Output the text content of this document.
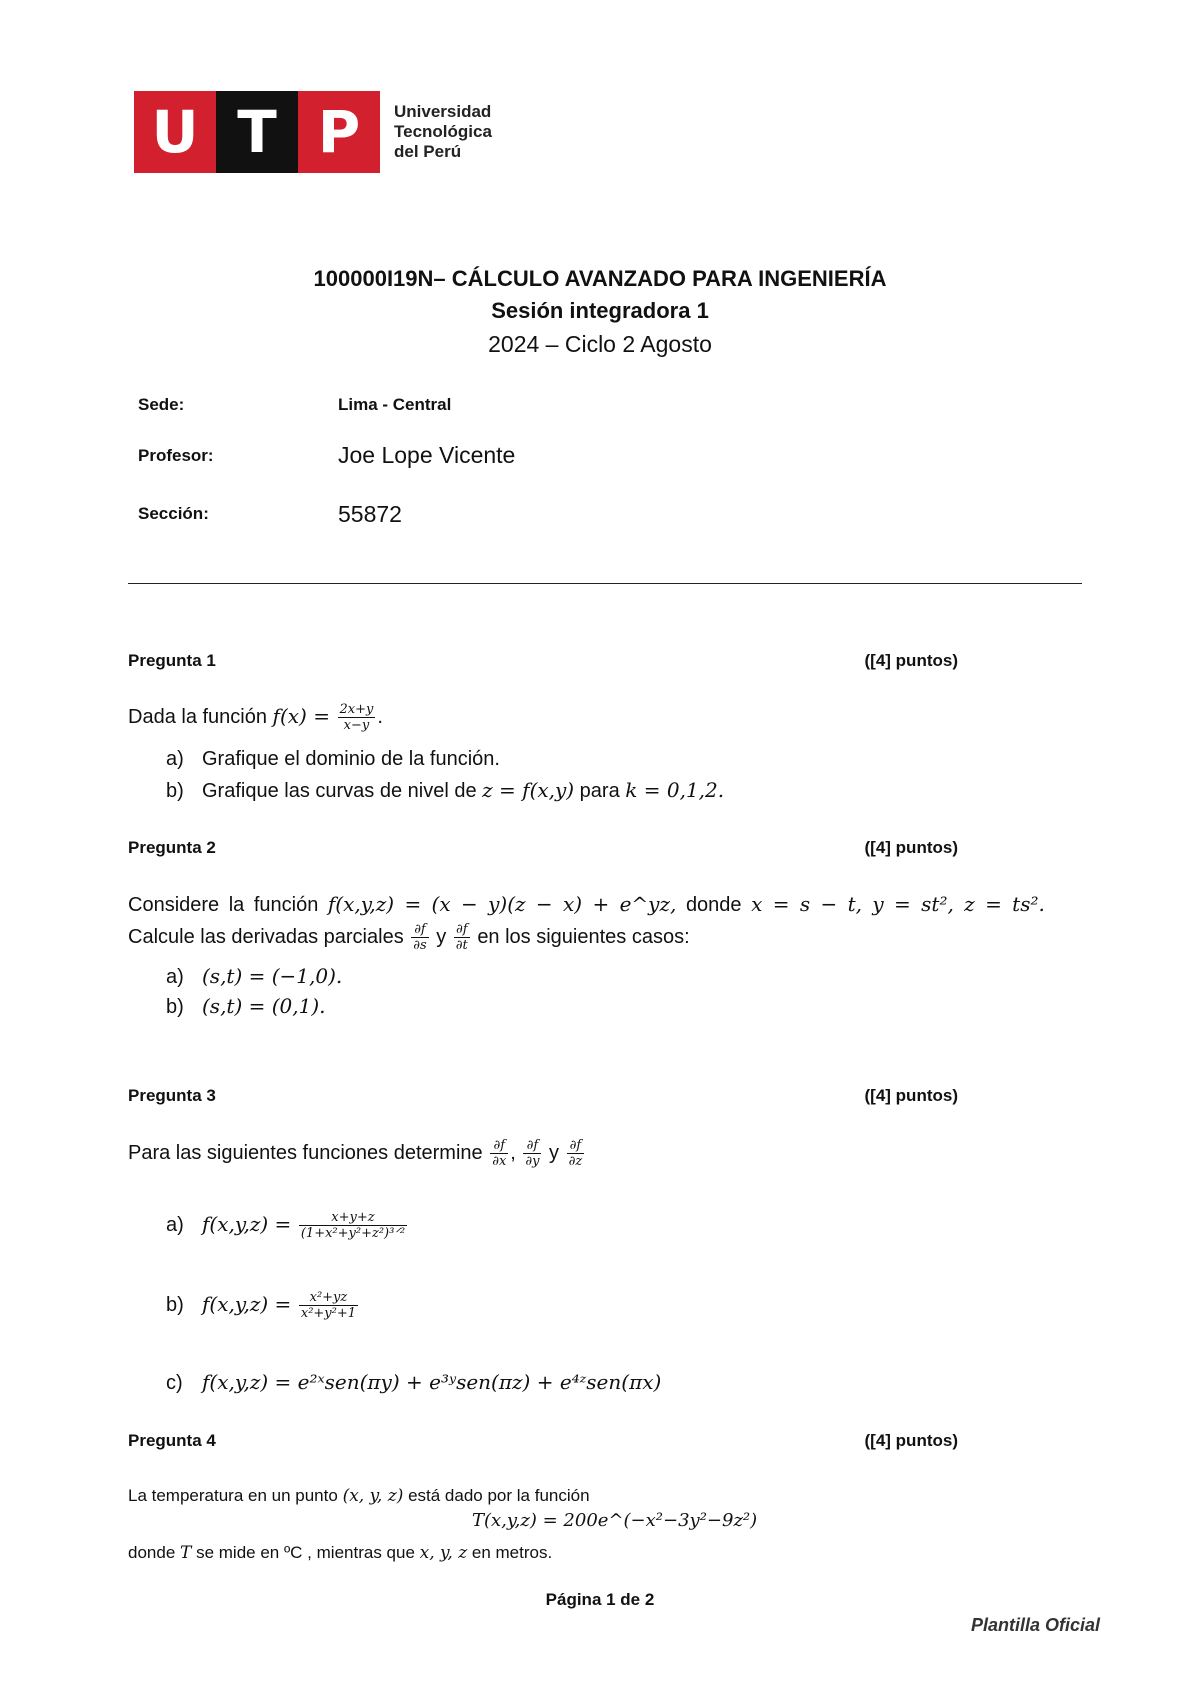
U T P	Universidad
Tecnológica
del Perú
100000I19N– CÁLCULO AVANZADO PARA INGENIERÍA
Sesión integradora 1
2024 – Ciclo 2 Agosto
Sede:	Lima - Central
Profesor:	Joe Lope Vicente
Sección:	55872
Pregunta 1	([4] puntos)
Dada la función $f(x) = \frac{2x+y}{x-y}$ .
a) Grafique el dominio de la función.
b) Grafique las curvas de nivel de z = f(x,y) para k = 0,1,2.
Pregunta 2	([4] puntos)
Considere la función f(x,y,z) = (x − y)(z − x) + e^yz, donde x = s − t, y = st², z = ts².
Calcule las derivadas parciales $\frac{\partial f}{\partial s}$ y $\frac{\partial f}{\partial t}$ en los siguientes casos:
a) (s,t) = (−1,0).
b) (s,t) = (0,1).
Pregunta 3	([4] puntos)
Para las siguientes funciones determine $\frac{\partial f}{\partial x}$ , $\frac{\partial f}{\partial y}$ y $\frac{\partial f}{\partial z}$
a) $f(x,y,z) = \frac{x+y+z}{\text{(1+x²+y²+z²)³ᐟ²}}$
b) $f(x,y,z) = \frac{\text{x²+yz}}{\text{x²+y²+1}}$
c) f(x,y,z) = e²ˣsen(πy) + e³ʸsen(πz) + e⁴ᶻsen(πx)
Pregunta 4	([4] puntos)
La temperatura en un punto (x, y, z) está dado por la función
T(x,y,z) = 200e^(−x²−3y²−9z²)
donde T se mide en ºC , mientras que x, y, z en metros.
Página 1 de 2
Plantilla Oficial
